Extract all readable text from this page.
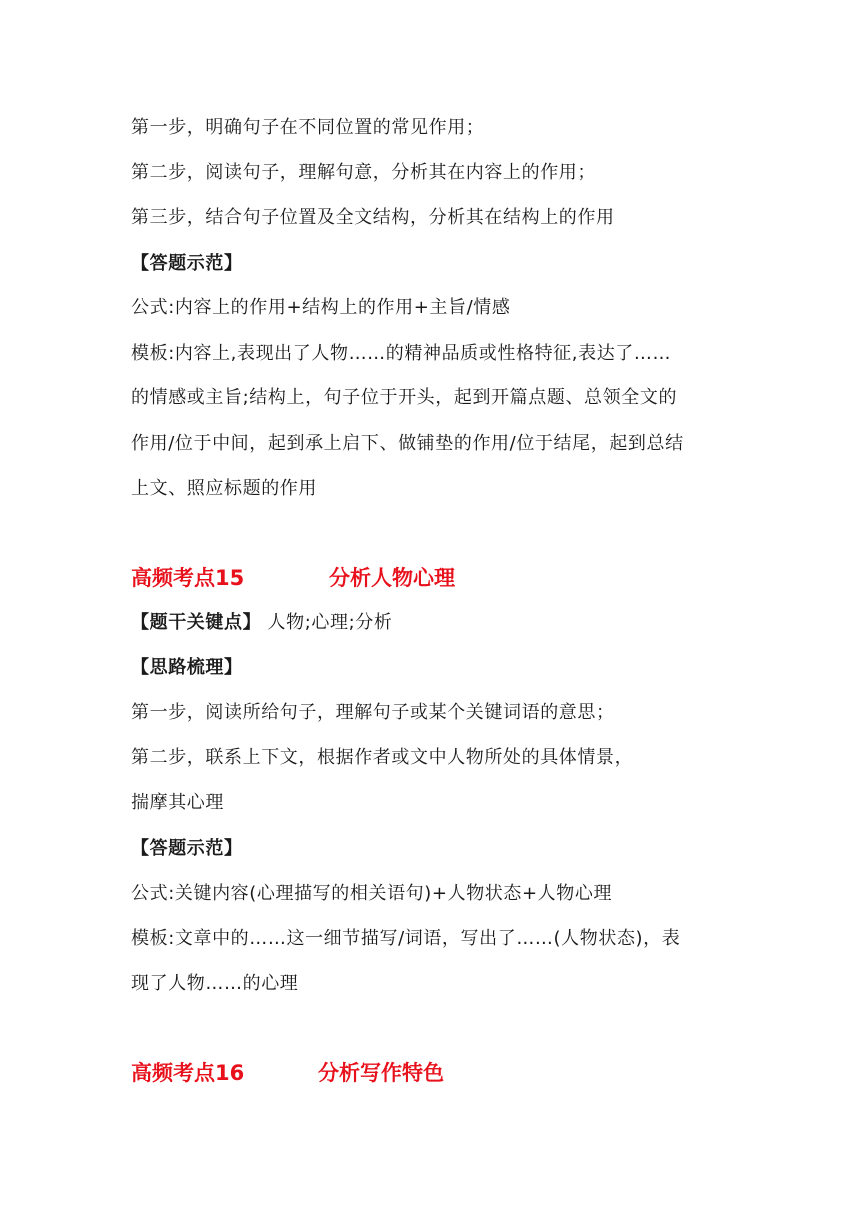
第一步，明确句子在不同位置的常见作用；
第二步，阅读句子，理解句意，分析其在内容上的作用；
第三步，结合句子位置及全文结构，分析其在结构上的作用
【答题示范】
公式:内容上的作用+结构上的作用+主旨/情感
模板:内容上,表现出了人物……的精神品质或性格特征,表达了……
的情感或主旨;结构上，句子位于开头，起到开篇点题、总领全文的
作用/位于中间，起到承上启下、做铺垫的作用/位于结尾，起到总结
上文、照应标题的作用
高频考点15	分析人物心理
【题干关键点】 人物;心理;分析
【思路梳理】
第一步，阅读所给句子，理解句子或某个关键词语的意思；
第二步，联系上下文，根据作者或文中人物所处的具体情景，
揣摩其心理
【答题示范】
公式:关键内容(心理描写的相关语句)+人物状态+人物心理
模板:文章中的……这一细节描写/词语，写出了……(人物状态)，表
现了人物……的心理
高频考点16	分析写作特色
